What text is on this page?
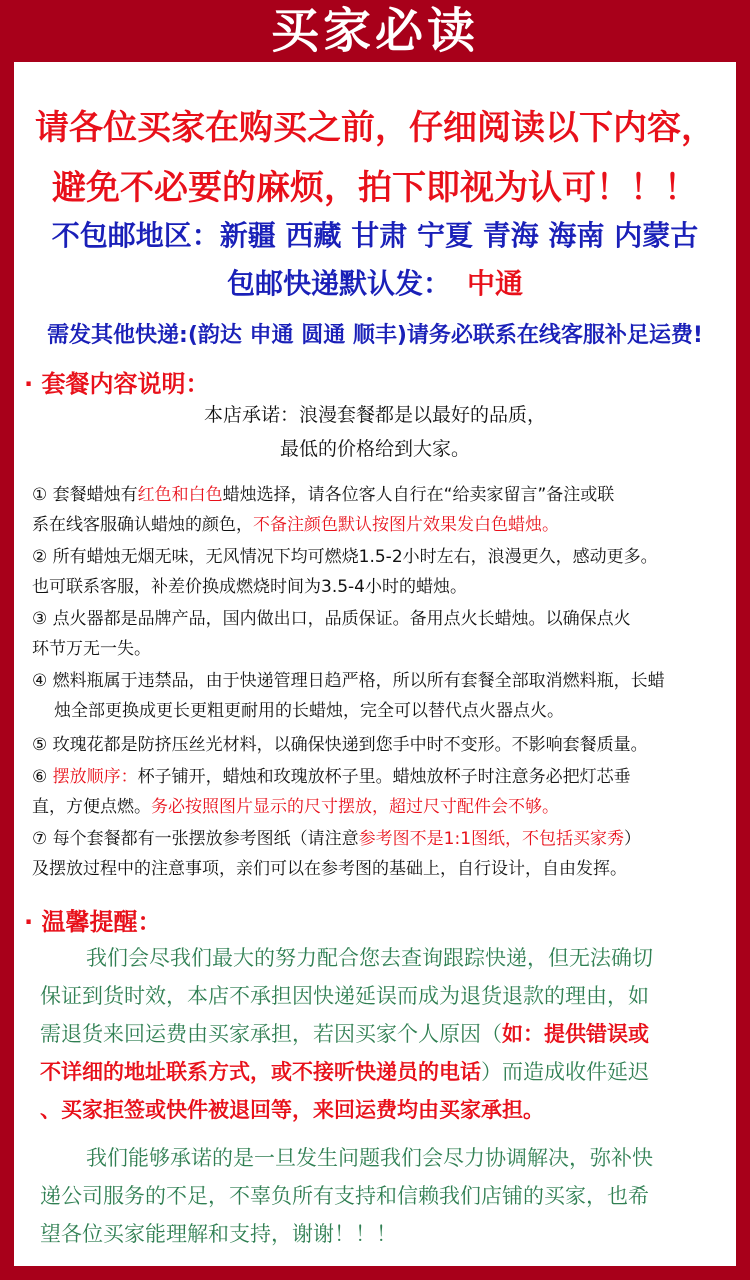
买家必读
请各位买家在购买之前，仔细阅读以下内容，
避免不必要的麻烦，拍下即视为认可！！！
不包邮地区：新疆 西藏 甘肃 宁夏 青海 海南 内蒙古
包邮快递默认发： 中通
需发其他快递:(韵达 申通 圆通 顺丰)请务必联系在线客服补足运费!
· 套餐内容说明：
本店承诺：浪漫套餐都是以最好的品质，
最低的价格给到大家。
① 套餐蜡烛有红色和白色蜡烛选择，请各位客人自行在“给卖家留言”备注或联
系在线客服确认蜡烛的颜色，不备注颜色默认按图片效果发白色蜡烛。
② 所有蜡烛无烟无味，无风情况下均可燃烧1.5-2小时左右，浪漫更久，感动更多。
也可联系客服，补差价换成燃烧时间为3.5-4小时的蜡烛。
③ 点火器都是品牌产品，国内做出口，品质保证。备用点火长蜡烛。以确保点火
环节万无一失。
④ 燃料瓶属于违禁品，由于快递管理日趋严格，所以所有套餐全部取消燃料瓶，长蜡
烛全部更换成更长更粗更耐用的长蜡烛，完全可以替代点火器点火。
⑤ 玫瑰花都是防挤压丝光材料，以确保快递到您手中时不变形。不影响套餐质量。
⑥ 摆放顺序：杯子铺开，蜡烛和玫瑰放杯子里。蜡烛放杯子时注意务必把灯芯垂
直，方便点燃。务必按照图片显示的尺寸摆放，超过尺寸配件会不够。
⑦ 每个套餐都有一张摆放参考图纸（请注意参考图不是1:1图纸，不包括买家秀）
及摆放过程中的注意事项，亲们可以在参考图的基础上，自行设计，自由发挥。
· 温馨提醒：
我们会尽我们最大的努力配合您去查询跟踪快递，但无法确切
保证到货时效，本店不承担因快递延误而成为退货退款的理由，如
需退货来回运费由买家承担，若因买家个人原因（如：提供错误或
不详细的地址联系方式，或不接听快递员的电话）而造成收件延迟
、买家拒签或快件被退回等，来回运费均由买家承担。
我们能够承诺的是一旦发生问题我们会尽力协调解决，弥补快
递公司服务的不足，不辜负所有支持和信赖我们店铺的买家，也希
望各位买家能理解和支持，谢谢！！！
